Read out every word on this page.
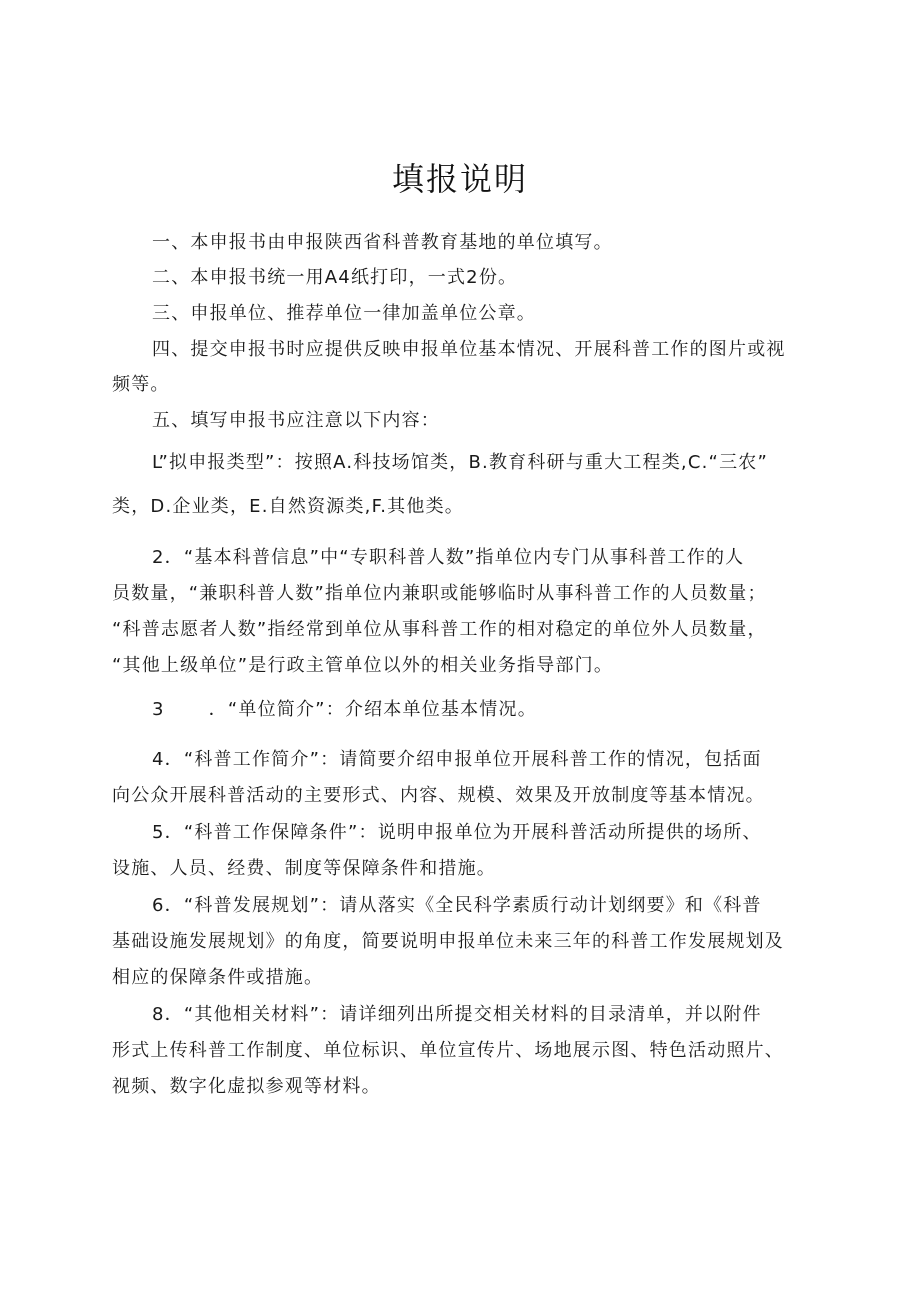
填报说明
一、本申报书由申报陕西省科普教育基地的单位填写。
二、本申报书统一用A4纸打印，一式2份。
三、申报单位、推荐单位一律加盖单位公章。
四、提交申报书时应提供反映申报单位基本情况、开展科普工作的图片或视
频等。
五、填写申报书应注意以下内容：
L”拟申报类型”：按照A.科技场馆类，B.教育科研与重大工程类,C.“三农”
类，D.企业类，E.自然资源类,F.其他类。
2．“基本科普信息”中“专职科普人数”指单位内专门从事科普工作的人
员数量，“兼职科普人数”指单位内兼职或能够临时从事科普工作的人员数量；
“科普志愿者人数”指经常到单位从事科普工作的相对稳定的单位外人员数量，
“其他上级单位”是行政主管单位以外的相关业务指导部门。
3 ．“单位简介”：介绍本单位基本情况。
4．“科普工作简介”：请简要介绍申报单位开展科普工作的情况，包括面
向公众开展科普活动的主要形式、内容、规模、效果及开放制度等基本情况。
5．“科普工作保障条件”：说明申报单位为开展科普活动所提供的场所、
设施、人员、经费、制度等保障条件和措施。
6．“科普发展规划”：请从落实《全民科学素质行动计划纲要》和《科普
基础设施发展规划》的角度，简要说明申报单位未来三年的科普工作发展规划及
相应的保障条件或措施。
8．“其他相关材料”：请详细列出所提交相关材料的目录清单，并以附件
形式上传科普工作制度、单位标识、单位宣传片、场地展示图、特色活动照片、
视频、数字化虚拟参观等材料。
